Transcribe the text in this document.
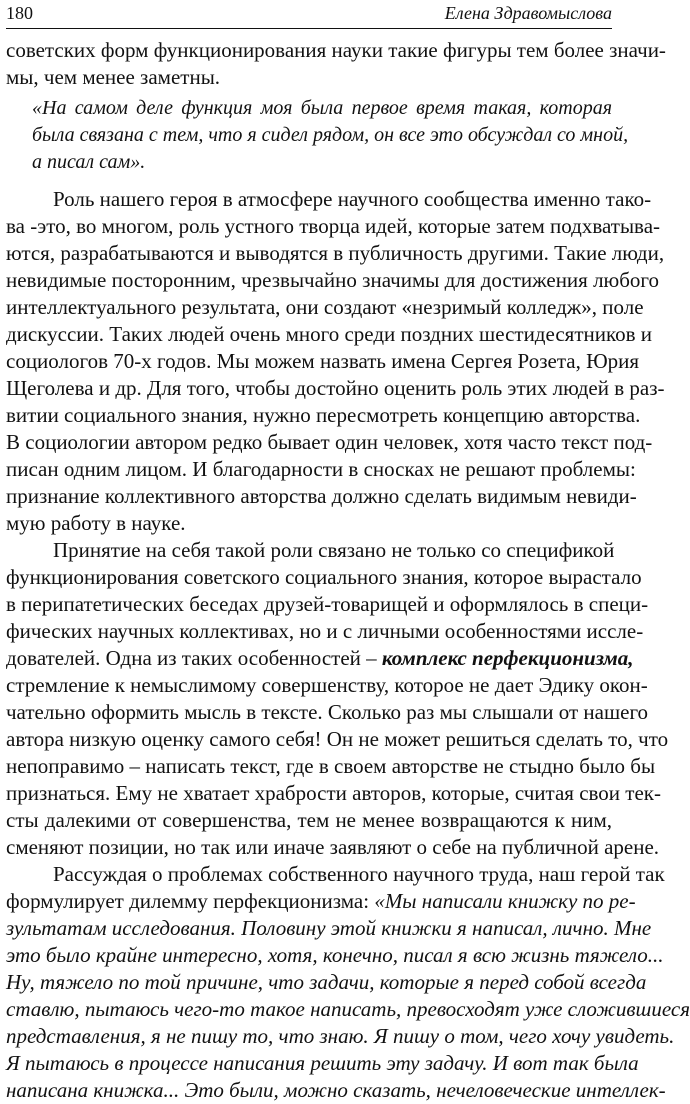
180	Елена Здравомыслова
советских форм функционирования науки такие фигуры тем более значи-
мы, чем менее заметны.
«На самом деле функция моя была первое время такая, которая
была связана с тем, что я сидел рядом, он все это обсуждал со мной,
а писал сам».
Роль нашего героя в атмосфере научного сообщества именно тако-
ва -это, во многом, роль устного творца идей, которые затем подхватыва-
ются, разрабатываются и выводятся в публичность другими. Такие люди,
невидимые посторонним, чрезвычайно значимы для достижения любого
интеллектуального результата, они создают «незримый колледж», поле
дискуссии. Таких людей очень много среди поздних шестидесятников и
социологов 70-х годов. Мы можем назвать имена Сергея Розета, Юрия
Щеголева и др. Для того, чтобы достойно оценить роль этих людей в раз-
витии социального знания, нужно пересмотреть концепцию авторства.
В социологии автором редко бывает один человек, хотя часто текст под-
писан одним лицом. И благодарности в сносках не решают проблемы:
признание коллективного авторства должно сделать видимым невиди-
мую работу в науке.
Принятие на себя такой роли связано не только со спецификой
функционирования советского социального знания, которое вырастало
в перипатетических беседах друзей-товарищей и оформлялось в специ-
фических научных коллективах, но и с личными особенностями иссле-
дователей. Одна из таких особенностей – комплекс перфекционизма,
стремление к немыслимому совершенству, которое не дает Эдику окон-
чательно оформить мысль в тексте. Сколько раз мы слышали от нашего
автора низкую оценку самого себя! Он не может решиться сделать то, что
непоправимо – написать текст, где в своем авторстве не стыдно было бы
признаться. Ему не хватает храбрости авторов, которые, считая свои тек-
сты далекими от совершенства, тем не менее возвращаются к ним,
сменяют позиции, но так или иначе заявляют о себе на публичной арене.
Рассуждая о проблемах собственного научного труда, наш герой так
формулирует дилемму перфекционизма: «Мы написали книжку по ре-
зультатам исследования. Половину этой книжки я написал, лично. Мне
это было крайне интересно, хотя, конечно, писал я всю жизнь тяжело...
Ну, тяжело по той причине, что задачи, которые я перед собой всегда
ставлю, пытаюсь чего-то такое написать, превосходят уже сложившиеся
представления, я не пишу то, что знаю. Я пишу о том, чего хочу увидеть.
Я пытаюсь в процессе написания решить эту задачу. И вот так была
написана книжка... Это были, можно сказать, нечеловеческие интеллек-
